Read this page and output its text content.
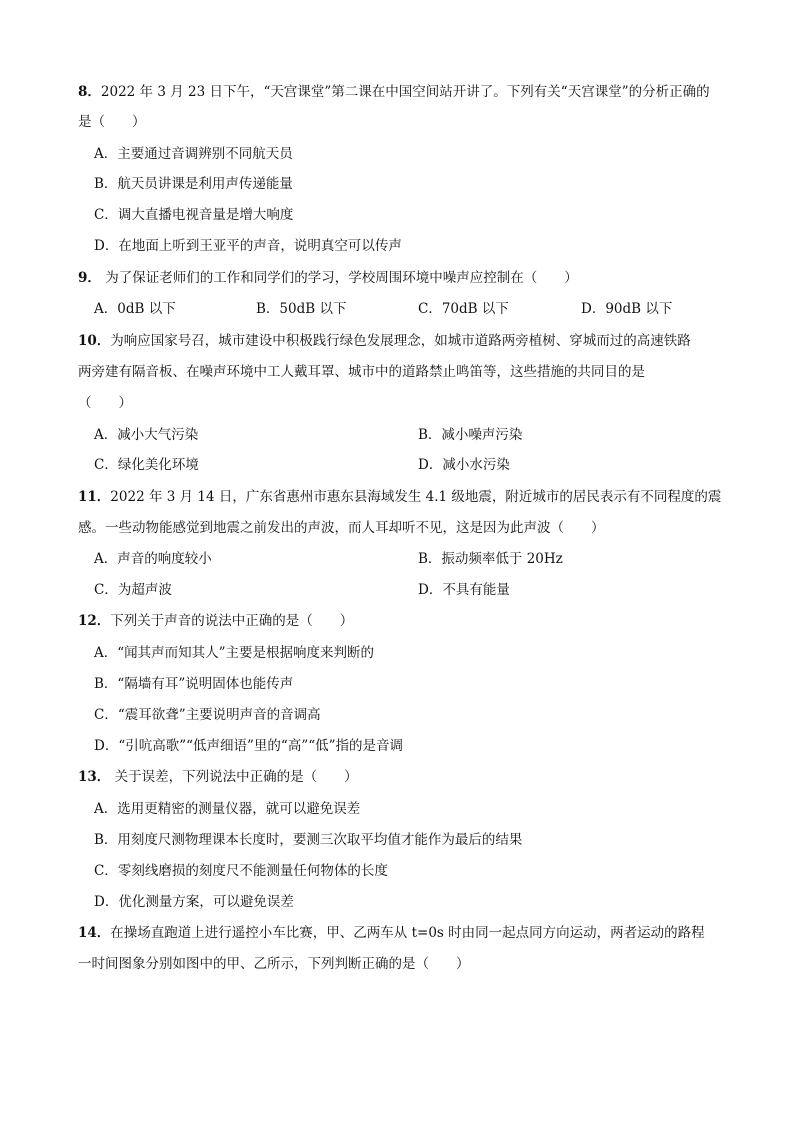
8．2022 年 3 月 23 日下午，“天宫课堂”第二课在中国空间站开讲了。下列有关“天宫课堂”的分析正确的
是（　　）
A．主要通过音调辨别不同航天员
B．航天员讲课是利用声传递能量
C．调大直播电视音量是增大响度
D．在地面上听到王亚平的声音，说明真空可以传声
9． 为了保证老师们的工作和同学们的学习，学校周围环境中噪声应控制在（　　）
A．0dB 以下	B．50dB 以下	C．70dB 以下	D．90dB 以下
10．为响应国家号召，城市建设中积极践行绿色发展理念，如城市道路两旁植树、穿城而过的高速铁路
两旁建有隔音板、在噪声环境中工人戴耳罩、城市中的道路禁止鸣笛等，这些措施的共同目的是
（　　）
A．减小大气污染	B．减小噪声污染
C．绿化美化环境	D．减小水污染
11．2022 年 3 月 14 日，广东省惠州市惠东县海域发生 4.1 级地震，附近城市的居民表示有不同程度的震
感。一些动物能感觉到地震之前发出的声波，而人耳却听不见，这是因为此声波（　　）
A．声音的响度较小	B．振动频率低于 20Hz
C．为超声波	D．不具有能量
12．下列关于声音的说法中正确的是（　　）
A．“闻其声而知其人”主要是根据响度来判断的
B．“隔墙有耳”说明固体也能传声
C．“震耳欲聋”主要说明声音的音调高
D．“引吭高歌”“低声细语”里的“高”“低”指的是音调
13． 关于误差，下列说法中正确的是（　　）
A．选用更精密的测量仪器，就可以避免误差
B．用刻度尺测物理课本长度时，要测三次取平均值才能作为最后的结果
C．零刻线磨损的刻度尺不能测量任何物体的长度
D．优化测量方案，可以避免误差
14．在操场直跑道上进行遥控小车比赛，甲、乙两车从 t=0s 时由同一起点同方向运动，两者运动的路程
一时间图象分别如图中的甲、乙所示，下列判断正确的是（　　）
